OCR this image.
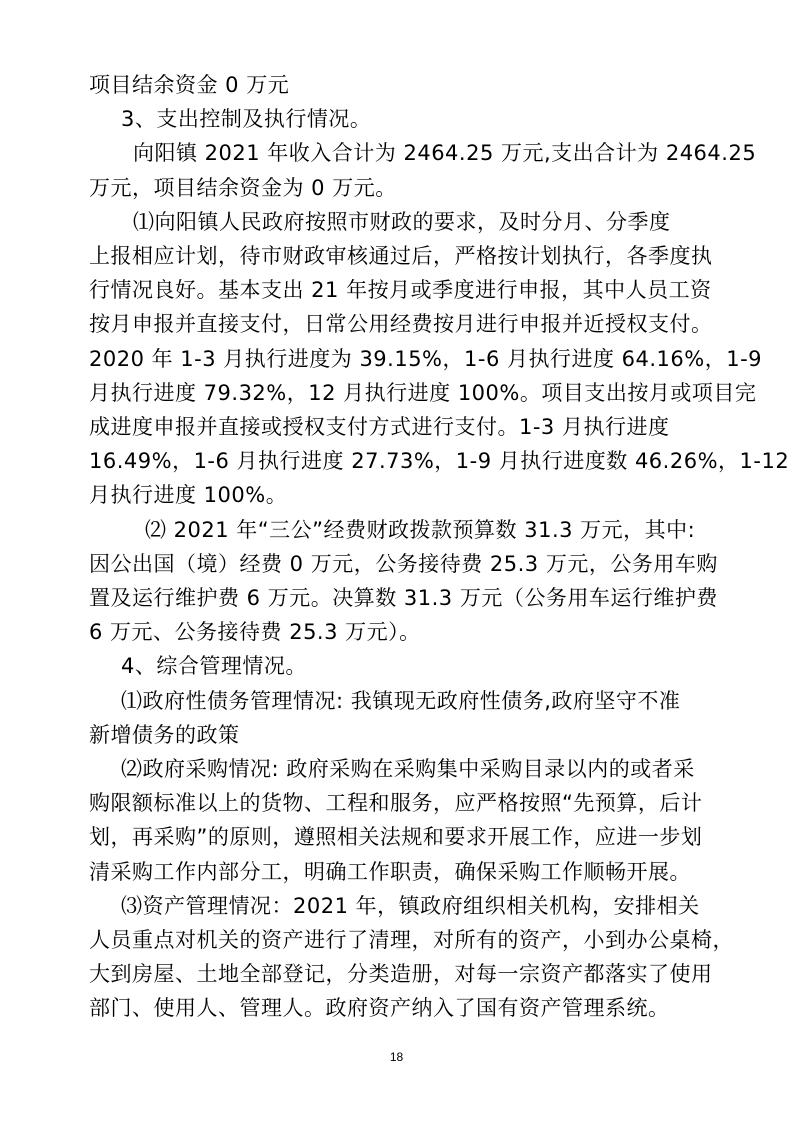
项目结余资金 0 万元
3、支出控制及执行情况。
向阳镇 2021 年收入合计为 2464.25 万元,支出合计为 2464.25
万元，项目结余资金为 0 万元。
⑴向阳镇人民政府按照市财政的要求，及时分月、分季度
上报相应计划，待市财政审核通过后，严格按计划执行，各季度执
行情况良好。基本支出 21 年按月或季度进行申报，其中人员工资
按月申报并直接支付，日常公用经费按月进行申报并近授权支付。
2020 年 1-3 月执行进度为 39.15%，1-6 月执行进度 64.16%，1-9
月执行进度 79.32%，12 月执行进度 100%。项目支出按月或项目完
成进度申报并直接或授权支付方式进行支付。1-3 月执行进度
16.49%，1-6 月执行进度 27.73%，1-9 月执行进度数 46.26%，1-12
月执行进度 100%。
⑵ 2021 年“三公”经费财政拨款预算数 31.3 万元，其中:
因公出国（境）经费 0 万元，公务接待费 25.3 万元，公务用车购
置及运行维护费 6 万元。决算数 31.3 万元（公务用车运行维护费
6 万元、公务接待费 25.3 万元）。
4、综合管理情况。
⑴政府性债务管理情况: 我镇现无政府性债务,政府坚守不准
新增债务的政策
⑵政府采购情况: 政府采购在采购集中采购目录以内的或者采
购限额标准以上的货物、工程和服务，应严格按照“先预算，后计
划，再采购”的原则，遵照相关法规和要求开展工作，应进一步划
清采购工作内部分工，明确工作职责，确保采购工作顺畅开展。
⑶资产管理情况：2021 年，镇政府组织相关机构，安排相关
人员重点对机关的资产进行了清理，对所有的资产，小到办公桌椅，
大到房屋、土地全部登记，分类造册，对每一宗资产都落实了使用
部门、使用人、管理人。政府资产纳入了国有资产管理系统。
18
